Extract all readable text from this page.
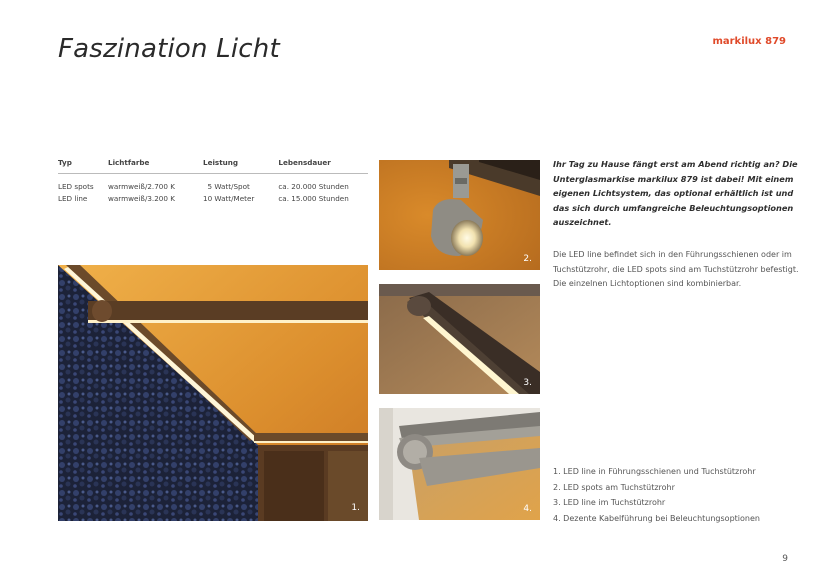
Faszination Licht	markilux 879
Typ	Lichtfarbe	Leistung	Lebensdauer
LED spots	warmweiß/2.700 K	5 Watt/Spot	ca. 20.000 Stunden
LED line	warmweiß/3.200 K	10 Watt/Meter	ca. 15.000 Stunden
1.
2.
3.
4.
Ihr Tag zu Hause fängt erst am Abend richtig an? Die Unterglasmarkise markilux 879 ist dabei! Mit einem eigenen Lichtsystem, das optional erhältlich ist und das sich durch umfangreiche Beleuchtungsoptionen auszeichnet.
Die LED line befindet sich in den Führungsschienen oder im Tuchstützrohr, die LED spots sind am Tuchstützrohr befestigt. Die einzelnen Lichtoptionen sind kombinierbar.
1. LED line in Führungsschienen und Tuchstützrohr
2. LED spots am Tuchstützrohr
3. LED line im Tuchstützrohr
4. Dezente Kabelführung bei Beleuchtungsoptionen
9
